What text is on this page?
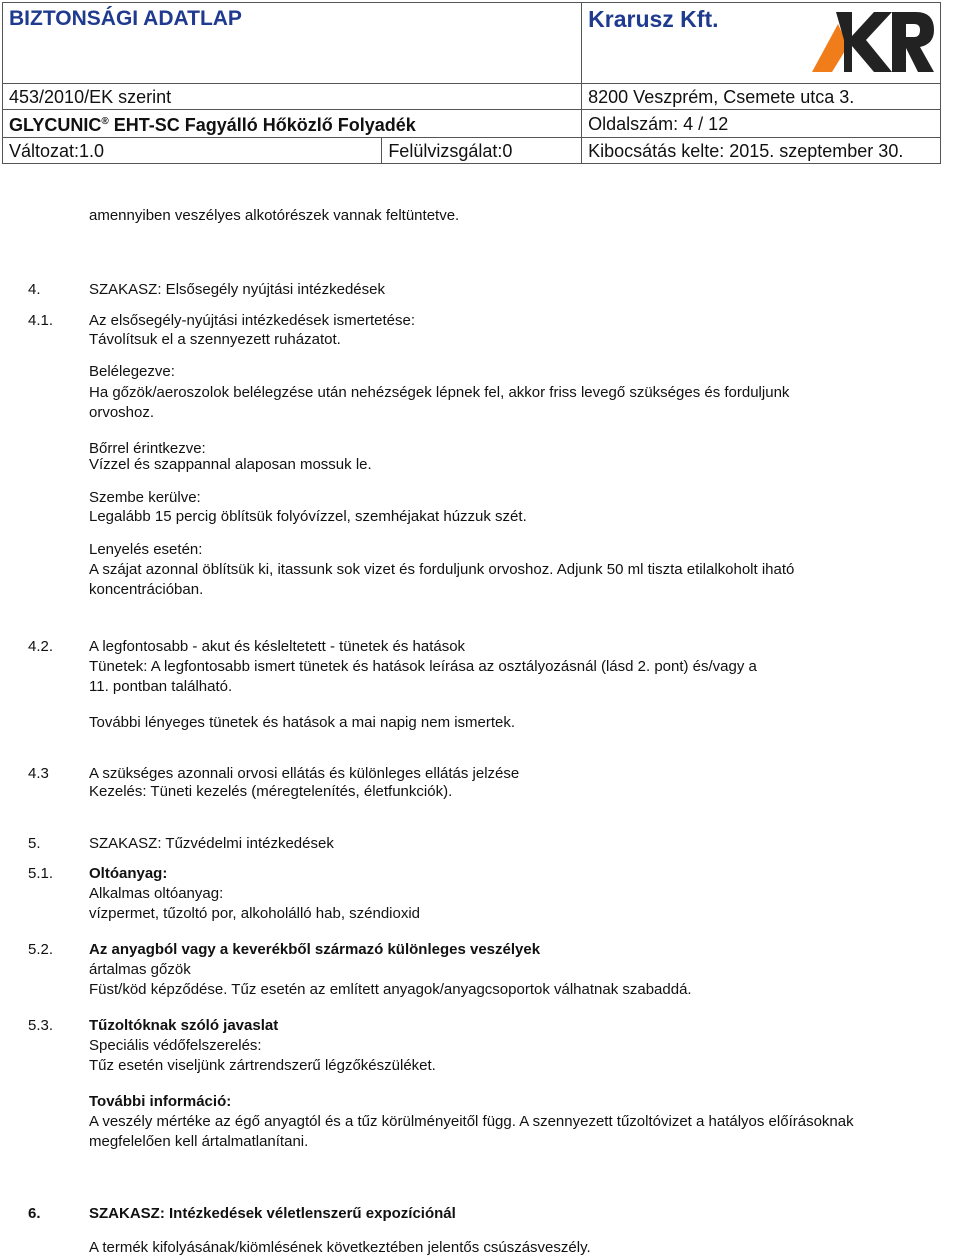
BIZTONSÁGI ADATLAP		Krarusz Kft.

453/2010/EK szerint		8200 Veszprém, Csemete utca 3.
GLYCUNIC® EHT-SC Fagyálló Hőközlő Folyadék		Oldalszám: 4 / 12
Változat:1.0	Felülvizsgálat:0	Kibocsátás kelte: 2015. szeptember 30.
amennyiben veszélyes alkotórészek vannak feltüntetve.
4.	SZAKASZ: Elsősegély nyújtási intézkedések
4.1. Az elsősegély-nyújtási intézkedések ismertetése:
Távolítsuk el a szennyezett ruházatot.
Belélegezve:
Ha gőzök/aeroszolok belélegzése után nehézségek lépnek fel, akkor friss levegő szükséges és forduljunk
orvoshoz.
Bőrrel érintkezve:
Vízzel és szappannal alaposan mossuk le.
Szembe kerülve:
Legalább 15 percig öblítsük folyóvízzel, szemhéjakat húzzuk szét.
Lenyelés esetén:
A szájat azonnal öblítsük ki, itassunk sok vizet és forduljunk orvoshoz. Adjunk 50 ml tiszta etilalkoholt iható
koncentrációban.
4.2. A legfontosabb - akut és késleltetett - tünetek és hatások
Tünetek: A legfontosabb ismert tünetek és hatások leírása az osztályozásnál (lásd 2. pont) és/vagy a
11. pontban található.
További lényeges tünetek és hatások a mai napig nem ismertek.
4.3	A szükséges azonnali orvosi ellátás és különleges ellátás jelzése
Kezelés: Tüneti kezelés (méregtelenítés, életfunkciók).
5.	SZAKASZ: Tűzvédelmi intézkedések
5.1. Oltóanyag:
Alkalmas oltóanyag:
vízpermet, tűzoltó por, alkoholálló hab, széndioxid
5.2. Az anyagból vagy a keverékből származó különleges veszélyek
ártalmas gőzök
Füst/köd képződése. Tűz esetén az említett anyagok/anyagcsoportok válhatnak szabaddá.
5.3. Tűzoltóknak szóló javaslat
Speciális védőfelszerelés:
Tűz esetén viseljünk zártrendszerű légzőkészüléket.
További információ:
A veszély mértéke az égő anyagtól és a tűz körülményeitől függ. A szennyezett tűzoltóvizet a hatályos előírásoknak
megfelelően kell ártalmatlanítani.
6.	SZAKASZ: Intézkedések véletlenszerű expozíciónál
A termék kifolyásának/kiömlésének következtében jelentős csúszásveszély.
